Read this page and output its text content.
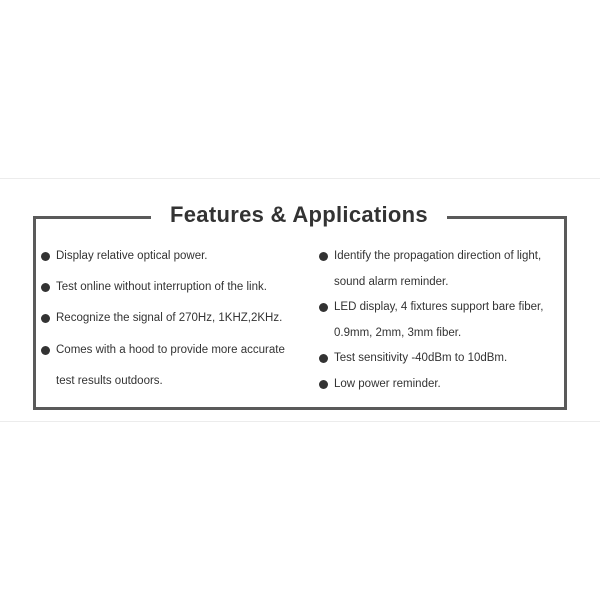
Features & Applications
Display relative optical power.
Test online without interruption of the link.
Recognize the signal of 270Hz, 1KHZ,2KHz.
Comes with a hood to provide more accurate
test results outdoors.
Identify the propagation direction of light,
sound alarm reminder.
LED display, 4 fixtures support bare fiber,
0.9mm, 2mm, 3mm fiber.
Test sensitivity -40dBm to 10dBm.
Low power reminder.
